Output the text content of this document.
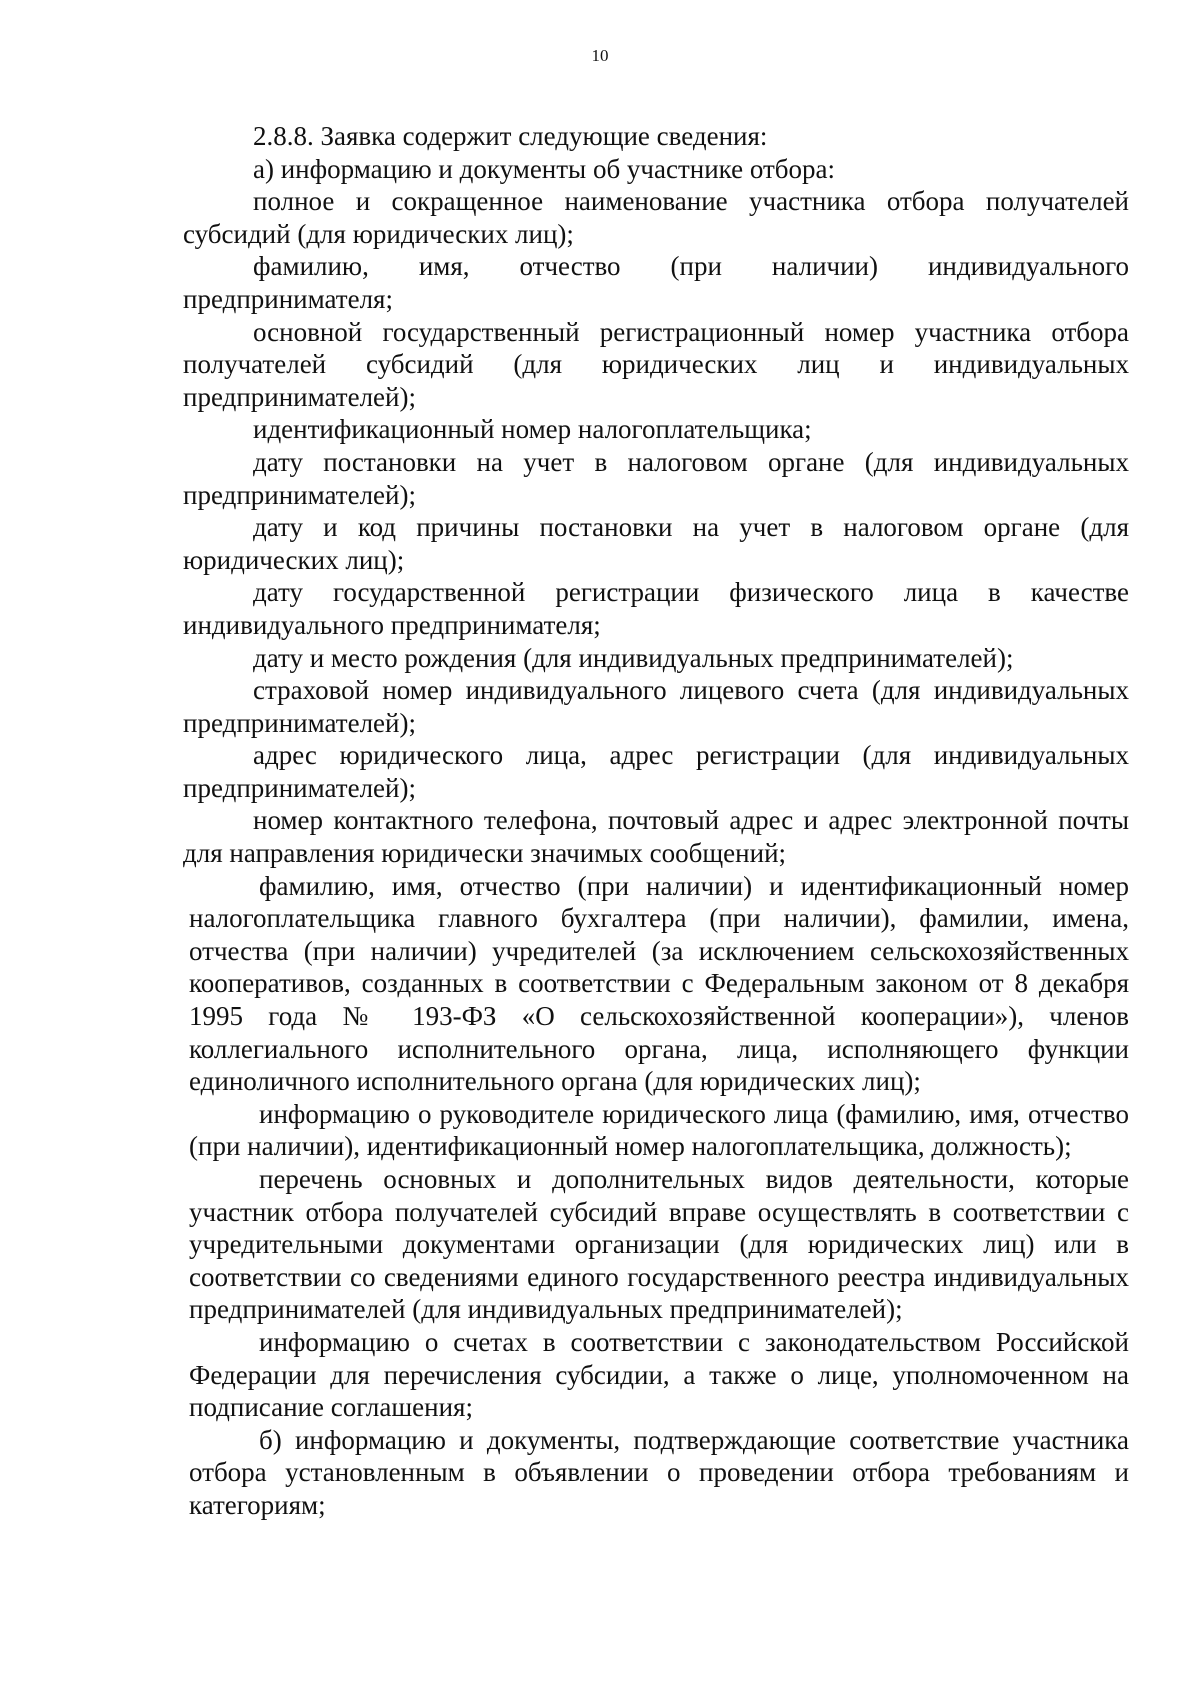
10

2.8.8. Заявка содержит следующие сведения:

а) информацию и документы об участнике отбора:

полное и сокращенное наименование участника отбора получателей субсидий (для юридических лиц);

фамилию, имя, отчество (при наличии) индивидуального предпринимателя;

основной государственный регистрационный номер участника отбора получателей субсидий (для юридических лиц и индивидуальных предпринимателей);

идентификационный номер налогоплательщика;

дату постановки на учет в налоговом органе (для индивидуальных предпринимателей);

дату и код причины постановки на учет в налоговом органе (для юридических лиц);

дату государственной регистрации физического лица в качестве индивидуального предпринимателя;

дату и место рождения (для индивидуальных предпринимателей);

страховой номер индивидуального лицевого счета (для индивидуальных предпринимателей);

адрес юридического лица, адрес регистрации (для индивидуальных предпринимателей);

номер контактного телефона, почтовый адрес и адрес электронной почты для направления юридически значимых сообщений;

фамилию, имя, отчество (при наличии) и идентификационный номер налогоплательщика главного бухгалтера (при наличии), фамилии, имена, отчества (при наличии) учредителей (за исключением сельскохозяйственных кооперативов, созданных в соответствии с Федеральным законом от 8 декабря 1995 года № 193-ФЗ «О сельскохозяйственной кооперации»), членов коллегиального исполнительного органа, лица, исполняющего функции единоличного исполнительного органа (для юридических лиц);

информацию о руководителе юридического лица (фамилию, имя, отчество (при наличии), идентификационный номер налогоплательщика, должность);

перечень основных и дополнительных видов деятельности, которые участник отбора получателей субсидий вправе осуществлять в соответствии с учредительными документами организации (для юридических лиц) или в соответствии со сведениями единого государственного реестра индивидуальных предпринимателей (для индивидуальных предпринимателей);

информацию о счетах в соответствии с законодательством Российской Федерации для перечисления субсидии, а также о лице, уполномоченном на подписание соглашения;

б) информацию и документы, подтверждающие соответствие участника отбора установленным в объявлении о проведении отбора требованиям и категориям;
